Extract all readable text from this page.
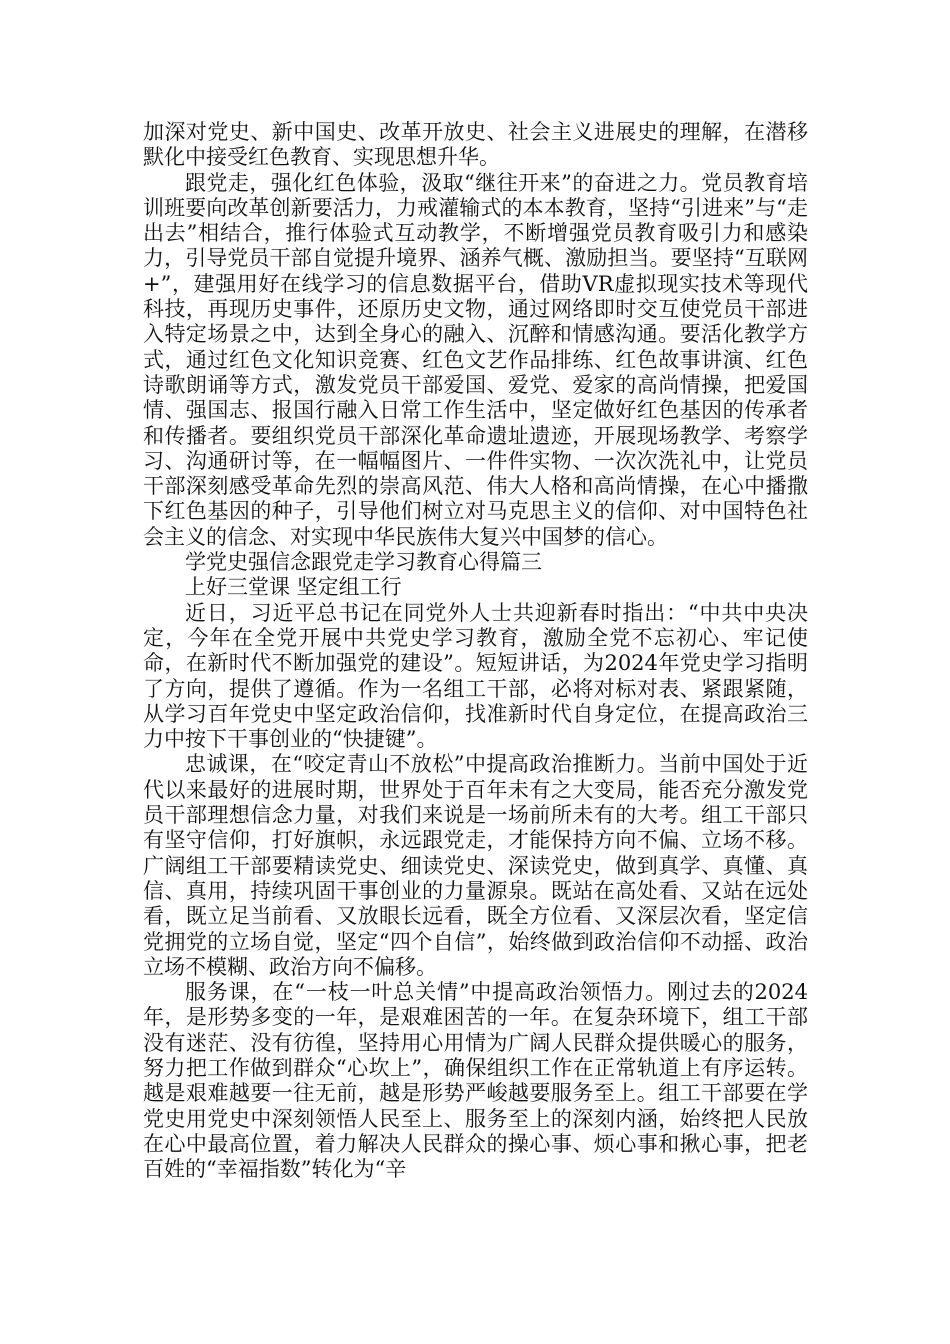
加深对党史、新中国史、改革开放史、社会主义进展史的理解，在潜移默化中接受红色教育、实现思想升华。

跟党走，强化红色体验，汲取“继往开来”的奋进之力。党员教育培训班要向改革创新要活力，力戒灌输式的本本教育，坚持“引进来”与“走出去”相结合，推行体验式互动教学，不断增强党员教育吸引力和感染力，引导党员干部自觉提升境界、涵养气概、激励担当。要坚持“互联网+”，建强用好在线学习的信息数据平台，借助VR虚拟现实技术等现代科技，再现历史事件，还原历史文物，通过网络即时交互使党员干部进入特定场景之中，达到全身心的融入、沉醉和情感沟通。要活化教学方式，通过红色文化知识竞赛、红色文艺作品排练、红色故事讲演、红色诗歌朗诵等方式，激发党员干部爱国、爱党、爱家的高尚情操，把爱国情、强国志、报国行融入日常工作生活中，坚定做好红色基因的传承者和传播者。要组织党员干部深化革命遗址遗迹，开展现场教学、考察学习、沟通研讨等，在一幅幅图片、一件件实物、一次次洗礼中，让党员干部深刻感受革命先烈的崇高风范、伟大人格和高尚情操，在心中播撒下红色基因的种子，引导他们树立对马克思主义的信仰、对中国特色社会主义的信念、对实现中华民族伟大复兴中国梦的信心。

学党史强信念跟党走学习教育心得篇三

上好三堂课 坚定组工行

近日，习近平总书记在同党外人士共迎新春时指出：“中共中央决定，今年在全党开展中共党史学习教育，激励全党不忘初心、牢记使命，在新时代不断加强党的建设”。短短讲话，为2024年党史学习指明了方向，提供了遵循。作为一名组工干部，必将对标对表、紧跟紧随，从学习百年党史中坚定政治信仰，找准新时代自身定位，在提高政治三力中按下干事创业的“快捷键”。

忠诚课，在“咬定青山不放松”中提高政治推断力。当前中国处于近代以来最好的进展时期，世界处于百年未有之大变局，能否充分激发党员干部理想信念力量，对我们来说是一场前所未有的大考。组工干部只有坚守信仰，打好旗帜，永远跟党走，才能保持方向不偏、立场不移。广阔组工干部要精读党史、细读党史、深读党史，做到真学、真懂、真信、真用，持续巩固干事创业的力量源泉。既站在高处看、又站在远处看，既立足当前看、又放眼长远看，既全方位看、又深层次看，坚定信党拥党的立场自觉，坚定“四个自信”，始终做到政治信仰不动摇、政治立场不模糊、政治方向不偏移。

服务课，在“一枝一叶总关情”中提高政治领悟力。刚过去的2024年，是形势多变的一年，是艰难困苦的一年。在复杂环境下，组工干部没有迷茫、没有彷徨，坚持用心用情为广阔人民群众提供暖心的服务，努力把工作做到群众“心坎上”，确保组织工作在正常轨道上有序运转。越是艰难越要一往无前，越是形势严峻越要服务至上。组工干部要在学党史用党史中深刻领悟人民至上、服务至上的深刻内涵，始终把人民放在心中最高位置，着力解决人民群众的操心事、烦心事和揪心事，把老百姓的“幸福指数”转化为“辛
